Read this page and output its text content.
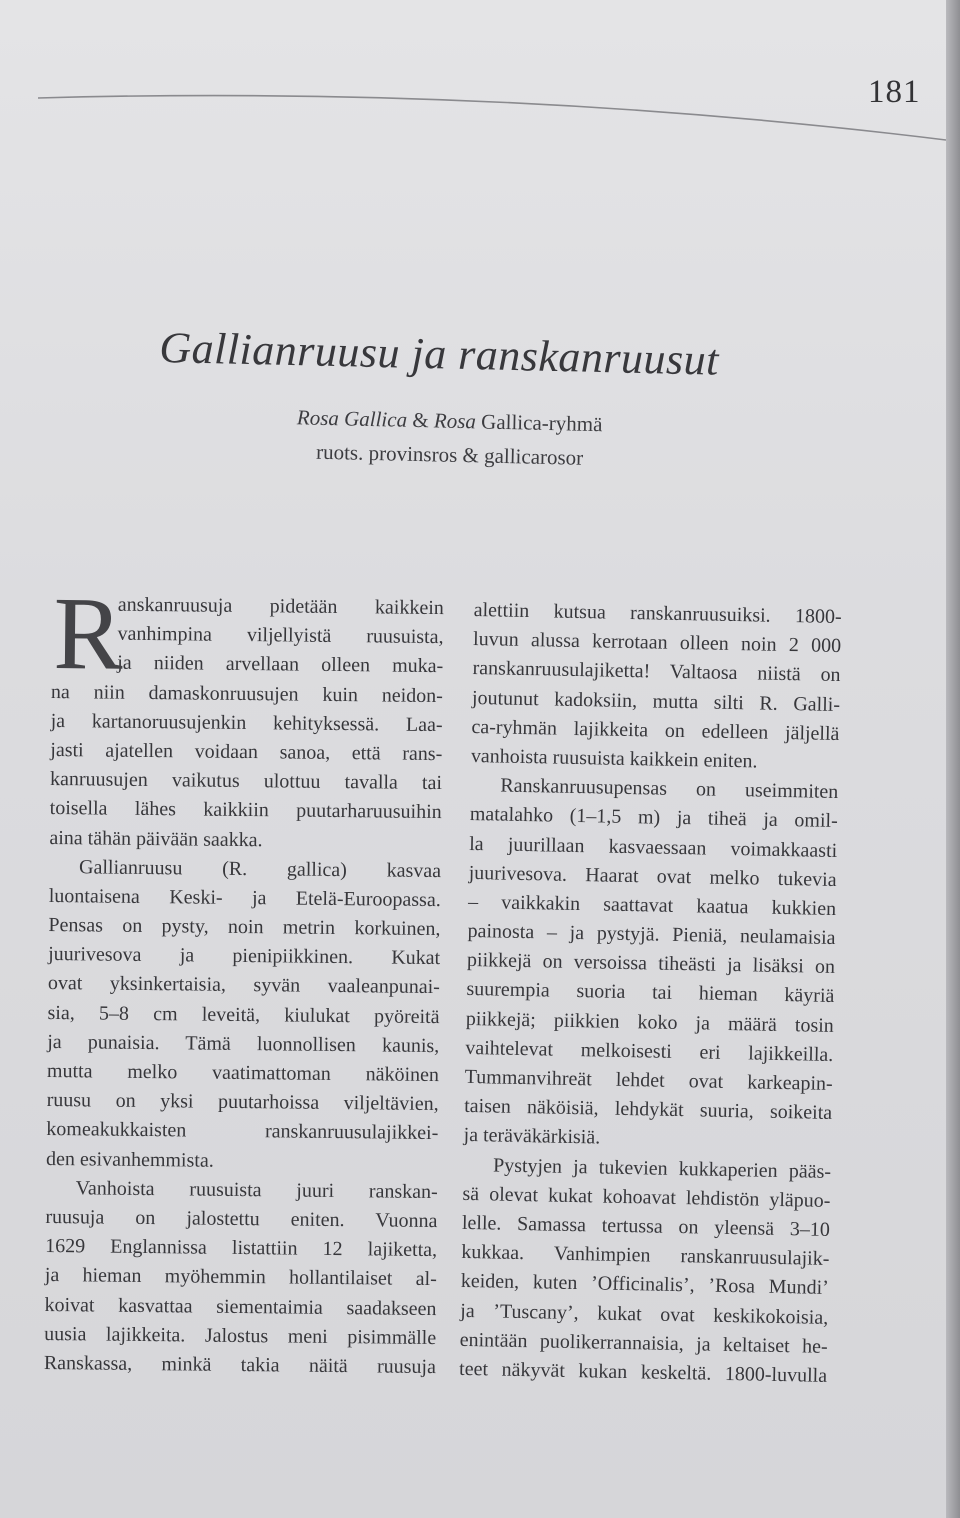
181
Gallianruusu ja ranskanruusut
Rosa Gallica & Rosa Gallica-ryhmä
ruots. provinsros & gallicarosor
R
anskanruusuja pidetään kaikkein
vanhimpina viljellyistä ruusuista,
ja niiden arvellaan olleen muka-
na niin damaskonruusujen kuin neidon-
ja kartanoruusujenkin kehityksessä. Laa-
jasti ajatellen voidaan sanoa, että rans-
kanruusujen vaikutus ulottuu tavalla tai
toisella lähes kaikkiin puutarharuusuihin
aina tähän päivään saakka.
Gallianruusu (R. gallica) kasvaa
luontaisena Keski- ja Etelä-Euroopassa.
Pensas on pysty, noin metrin korkuinen,
juurivesova ja pienipiikkinen. Kukat
ovat yksinkertaisia, syvän vaaleanpunai-
sia, 5–8 cm leveitä, kiulukat pyöreitä
ja punaisia. Tämä luonnollisen kaunis,
mutta melko vaatimattoman näköinen
ruusu on yksi puutarhoissa viljeltävien,
komeakukkaisten ranskanruusulajikkei-
den esivanhemmista.
Vanhoista ruusuista juuri ranskan-
ruusuja on jalostettu eniten. Vuonna
1629 Englannissa listattiin 12 lajiketta,
ja hieman myöhemmin hollantilaiset al-
koivat kasvattaa siementaimia saadakseen
uusia lajikkeita. Jalostus meni pisimmälle
Ranskassa, minkä takia näitä ruusuja
alettiin kutsua ranskanruusuiksi. 1800-
luvun alussa kerrotaan olleen noin 2 000
ranskanruusulajiketta! Valtaosa niistä on
joutunut kadoksiin, mutta silti R. Galli-
ca-ryhmän lajikkeita on edelleen jäljellä
vanhoista ruusuista kaikkein eniten.
Ranskanruusupensas on useimmiten
matalahko (1–1,5 m) ja tiheä ja omil-
la juurillaan kasvaessaan voimakkaasti
juurivesova. Haarat ovat melko tukevia
– vaikkakin saattavat kaatua kukkien
painosta – ja pystyjä. Pieniä, neulamaisia
piikkejä on versoissa tiheästi ja lisäksi on
suurempia suoria tai hieman käyriä
piikkejä; piikkien koko ja määrä tosin
vaihtelevat melkoisesti eri lajikkeilla.
Tummanvihreät lehdet ovat karkeapin-
taisen näköisiä, lehdykät suuria, soikeita
ja teräväkärkisiä.
Pystyjen ja tukevien kukkaperien pääs-
sä olevat kukat kohoavat lehdistön yläpuo-
lelle. Samassa tertussa on yleensä 3–10
kukkaa. Vanhimpien ranskanruusulajik-
keiden, kuten ’Officinalis’, ’Rosa Mundi’
ja ’Tuscany’, kukat ovat keskikokoisia,
enintään puolikerrannaisia, ja keltaiset he-
teet näkyvät kukan keskeltä. 1800-luvulla
